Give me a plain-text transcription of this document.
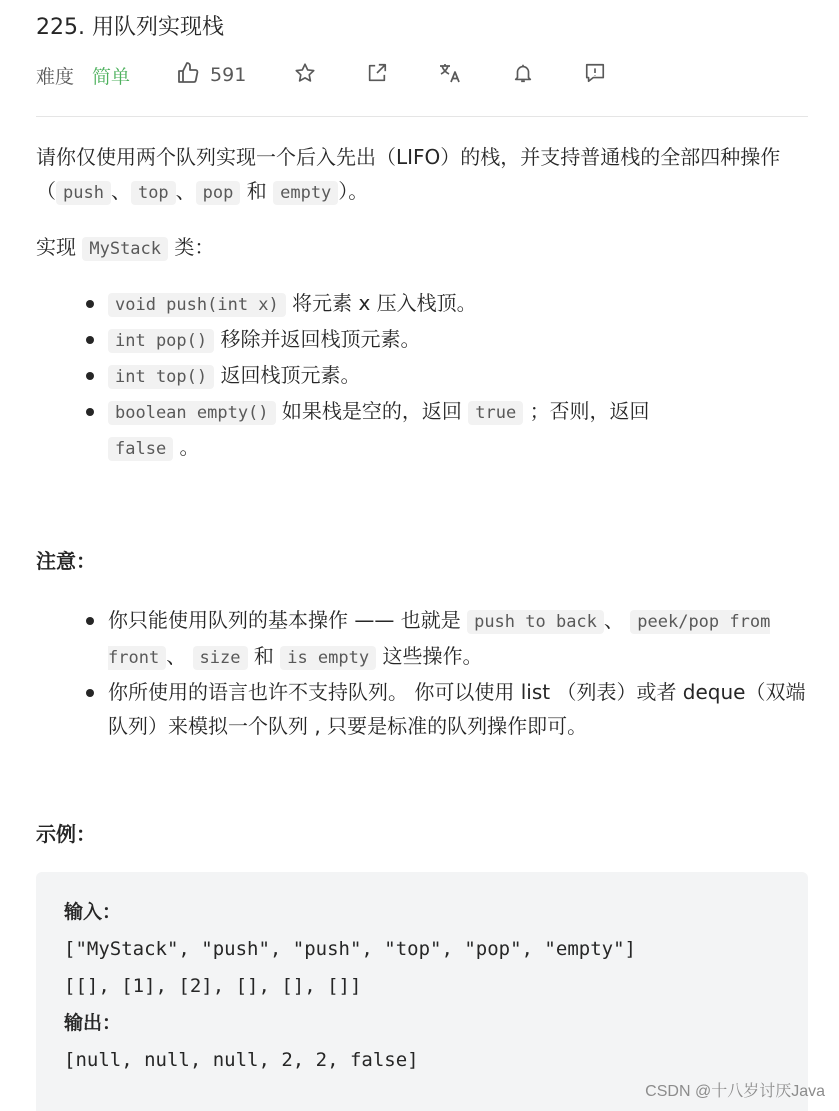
225. 用队列实现栈
难度 简单	591

请你仅使用两个队列实现一个后入先出（LIFO）的栈，并支持普通栈的全部四种操作（ push 、 top 、 pop 和 empty ）。

实现 MyStack 类：

void push(int x) 将元素 x 压入栈顶。
int pop() 移除并返回栈顶元素。
int top() 返回栈顶元素。
boolean empty() 如果栈是空的，返回 true ；否则，返回
false 。
注意：
你只能使用队列的基本操作 —— 也就是 push to back 、 peek/pop from front 、 size 和 is empty 这些操作。
你所使用的语言也许不支持队列。 你可以使用 list （列表）或者 deque（双端队列）来模拟一个队列 , 只要是标准的队列操作即可。
示例：
输入：
["MyStack", "push", "push", "top", "pop", "empty"]
[[], [1], [2], [], [], []]
输出：
[null, null, null, 2, 2, false]
CSDN @十八岁讨厌Java
